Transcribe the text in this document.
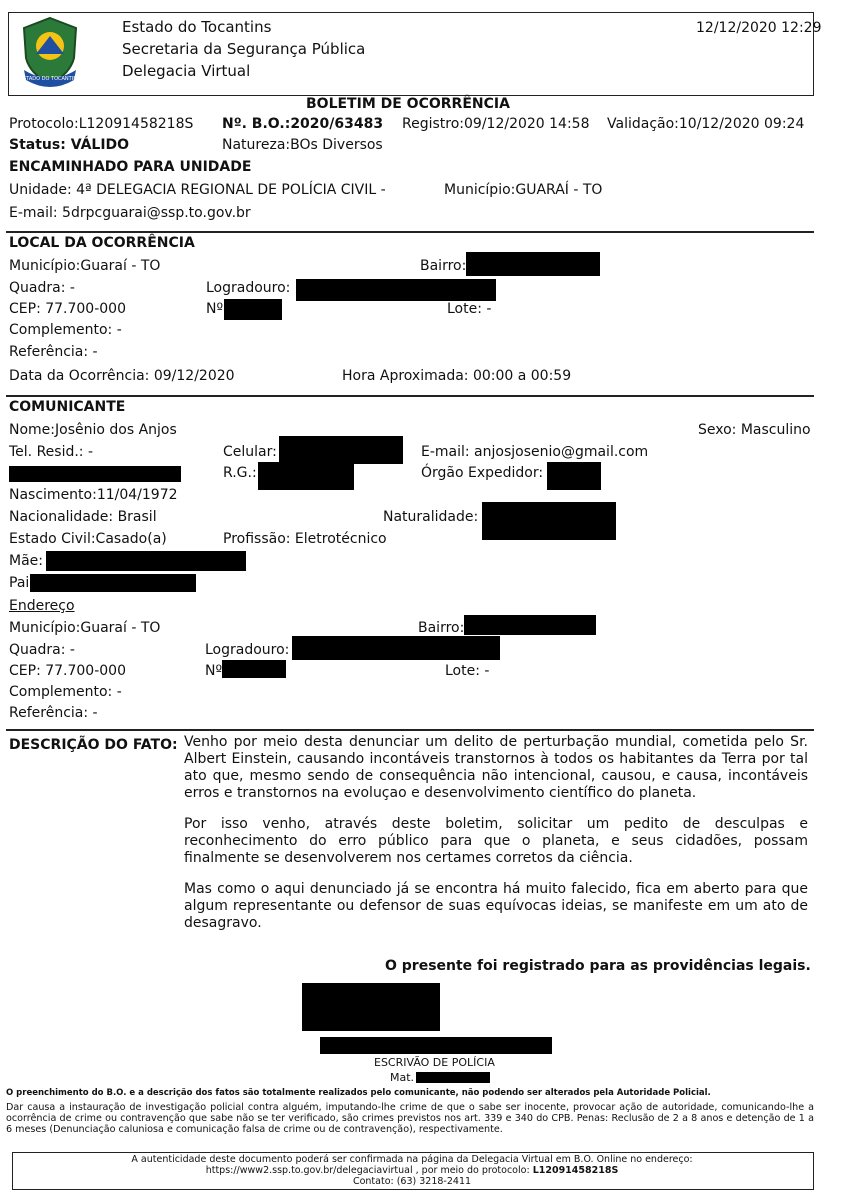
ESTADO DO TOCANTINS
Estado do Tocantins
Secretaria da Segurança Pública
Delegacia Virtual
12/12/2020 12:29
BOLETIM DE OCORRÊNCIA
Protocolo:L12091458218S Nº. B.O.:2020/63483 Registro:09/12/2020 14:58 Validação:10/12/2020 09:24
Status: VÁLIDO	Natureza:BOs Diversos
ENCAMINHADO PARA UNIDADE
Unidade: 4ª DELEGACIA REGIONAL DE POLÍCIA CIVIL -	Município:GUARAÍ - TO
E-mail: 5drpcguarai@ssp.to.gov.br
LOCAL DA OCORRÊNCIA
Município:Guaraí - TO	Bairro:
Quadra: -	Logradouro:
CEP: 77.700-000	Nº	Lote: -
Complemento: -
Referência: -
Data da Ocorrência: 09/12/2020	Hora Aproximada: 00:00 a 00:59
COMUNICANTE
Nome:Josênio dos Anjos	Sexo: Masculino
Tel. Resid.: -	Celular:	E-mail: anjosjosenio@gmail.com
R.G.:	Órgão Expedidor:
Nascimento:11/04/1972
Nacionalidade: Brasil	Naturalidade:
Estado Civil:Casado(a)	Profissão: Eletrotécnico
Mãe:
Pai
Endereço
Município:Guaraí - TO	Bairro:
Quadra: -	Logradouro:
CEP: 77.700-000	Nº	Lote: -
Complemento: -
Referência: -
DESCRIÇÃO DO FATO: Venho por meio desta denunciar um delito de perturbação mundial, cometida pelo Sr. Albert Einstein, causando incontáveis transtornos à todos os habitantes da Terra por tal ato que, mesmo sendo de consequência não intencional, causou, e causa, incontáveis erros e transtornos na evoluçao e desenvolvimento científico do planeta.

Por isso venho, através deste boletim, solicitar um pedito de desculpas e reconhecimento do erro público para que o planeta, e seus cidadões, possam finalmente se desenvolverem nos certames corretos da ciência.

Mas como o aqui denunciado já se encontra há muito falecido, fica em aberto para que algum representante ou defensor de suas equívocas ideias, se manifeste em um ato de desagravo.

O presente foi registrado para as providências legais.
ESCRIVÃO DE POLÍCIA
Mat.
O preenchimento do B.O. e a descrição dos fatos são totalmente realizados pelo comunicante, não podendo ser alterados pela Autoridade Policial.
Dar causa a instauração de investigação policial contra alguém, imputando-lhe crime de que o sabe ser inocente, provocar ação de autoridade, comunicando-lhe a ocorrência de crime ou contravenção que sabe não se ter verificado, são crimes previstos nos art. 339 e 340 do CPB. Penas: Reclusão de 2 a 8 anos e detenção de 1 a 6 meses (Denunciação caluniosa e comunicação falsa de crime ou de contravenção), respectivamente.
A autenticidade deste documento poderá ser confirmada na página da Delegacia Virtual em B.O. Online no endereço:
https://www2.ssp.to.gov.br/delegaciavirtual , por meio do protocolo: L12091458218S
Contato: (63) 3218-2411
